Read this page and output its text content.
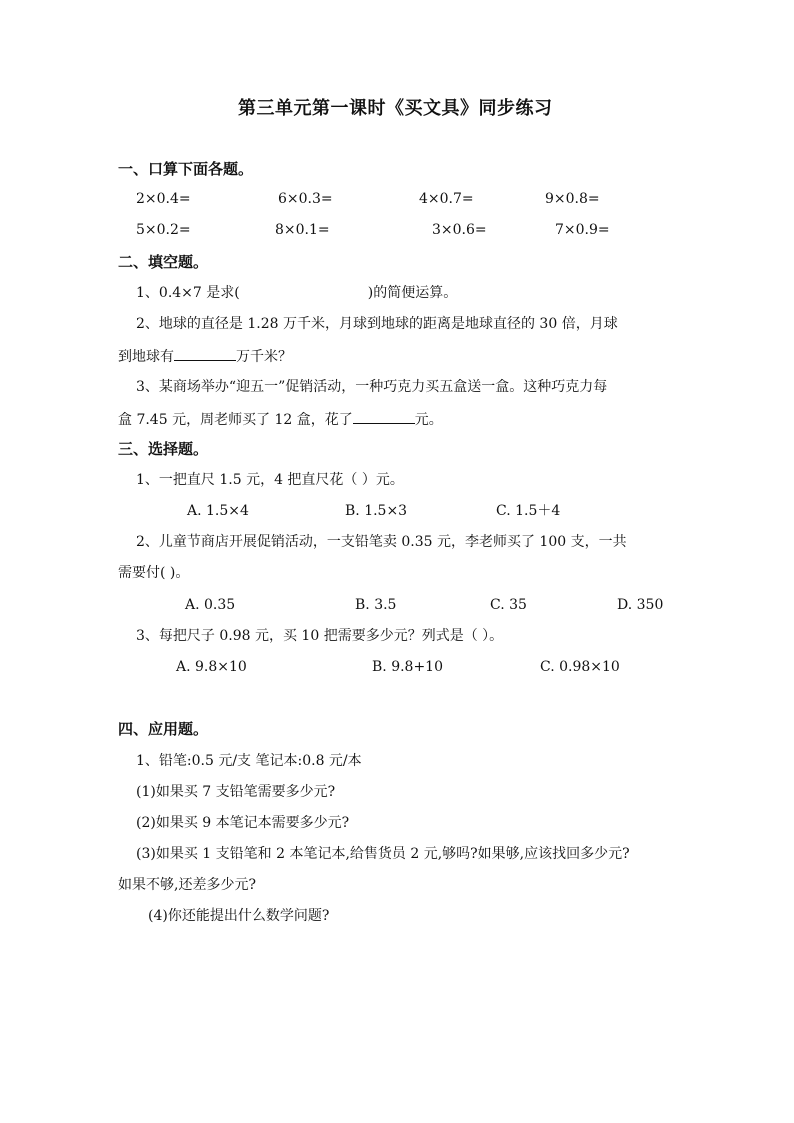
第三单元第一课时《买文具》同步练习
一、口算下面各题。
2×0.4=	6×0.3=	4×0.7=	9×0.8=
5×0.2=	8×0.1=	3×0.6=	7×0.9=
二、填空题。
1、0.4×7 是求(	)的简便运算。
2、地球的直径是 1.28 万千米，月球到地球的距离是地球直径的 30 倍，月球
到地球有	万千米？
3、某商场举办“迎五一”促销活动，一种巧克力买五盒送一盒。这种巧克力每
盒 7.45 元，周老师买了 12 盒，花了	元。
三、选择题。
1、一把直尺 1.5 元，4 把直尺花（ ）元。
A. 1.5×4	B. 1.5×3	C. 1.5＋4
2、儿童节商店开展促销活动，一支铅笔卖 0.35 元，李老师买了 100 支，一共
需要付( )。
A. 0.35	B. 3.5	C. 35	D. 350
3、每把尺子 0.98 元，买 10 把需要多少元？列式是（ ）。
A. 9.8×10	B. 9.8+10	C. 0.98×10
四、应用题。
1、铅笔:0.5 元/支 笔记本:0.8 元/本
(1)如果买 7 支铅笔需要多少元?
(2)如果买 9 本笔记本需要多少元?
(3)如果买 1 支铅笔和 2 本笔记本,给售货员 2 元,够吗?如果够,应该找回多少元?
如果不够,还差多少元?
(4)你还能提出什么数学问题?
